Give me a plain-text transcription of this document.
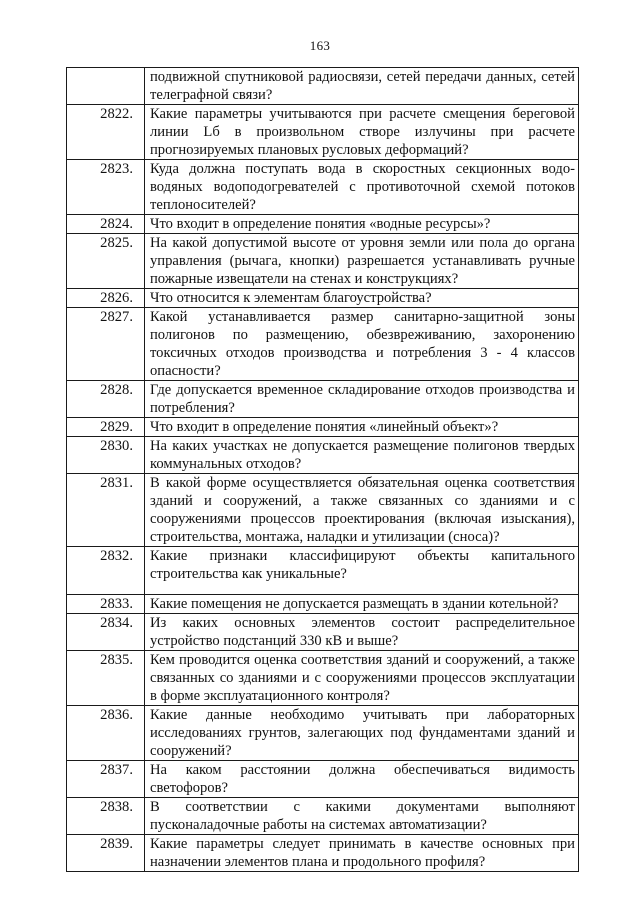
163
	подвижной спутниковой радиосвязи, сетей передачи данных, сетей телеграфной связи?
2822.	Какие параметры учитываются при расчете смещения береговой линии Lб в произвольном створе излучины при расчете прогнозируемых плановых русловых деформаций?
2823.	Куда должна поступать вода в скоростных секционных водо-водяных водоподогревателей с противоточной схемой потоков теплоносителей?
2824.	Что входит в определение понятия «водные ресурсы»?
2825.	На какой допустимой высоте от уровня земли или пола до органа управления (рычага, кнопки) разрешается устанавливать ручные пожарные извещатели на стенах и конструкциях?
2826.	Что относится к элементам благоустройства?
2827.	Какой устанавливается размер санитарно-защитной зоны полигонов по размещению, обезвреживанию, захоронению токсичных отходов производства и потребления 3 - 4 классов опасности?
2828.	Где допускается временное складирование отходов производства и потребления?
2829.	Что входит в определение понятия «линейный объект»?
2830.	На каких участках не допускается размещение полигонов твердых коммунальных отходов?
2831.	В какой форме осуществляется обязательная оценка соответствия зданий и сооружений, а также связанных со зданиями и с сооружениями процессов проектирования (включая изыскания), строительства, монтажа, наладки и утилизации (сноса)?
2832.	Какие признаки классифицируют объекты капитального строительства как уникальные?
2833.	Какие помещения не допускается размещать в здании котельной?
2834.	Из каких основных элементов состоит распределительное устройство подстанций 330 кВ и выше?
2835.	Кем проводится оценка соответствия зданий и сооружений, а также связанных со зданиями и с сооружениями процессов эксплуатации в форме эксплуатационного контроля?
2836.	Какие данные необходимо учитывать при лабораторных исследованиях грунтов, залегающих под фундаментами зданий и сооружений?
2837.	На каком расстоянии должна обеспечиваться видимость светофоров?
2838.	В соответствии с какими документами выполняют пусконаладочные работы на системах автоматизации?
2839.	Какие параметры следует принимать в качестве основных при назначении элементов плана и продольного профиля?
